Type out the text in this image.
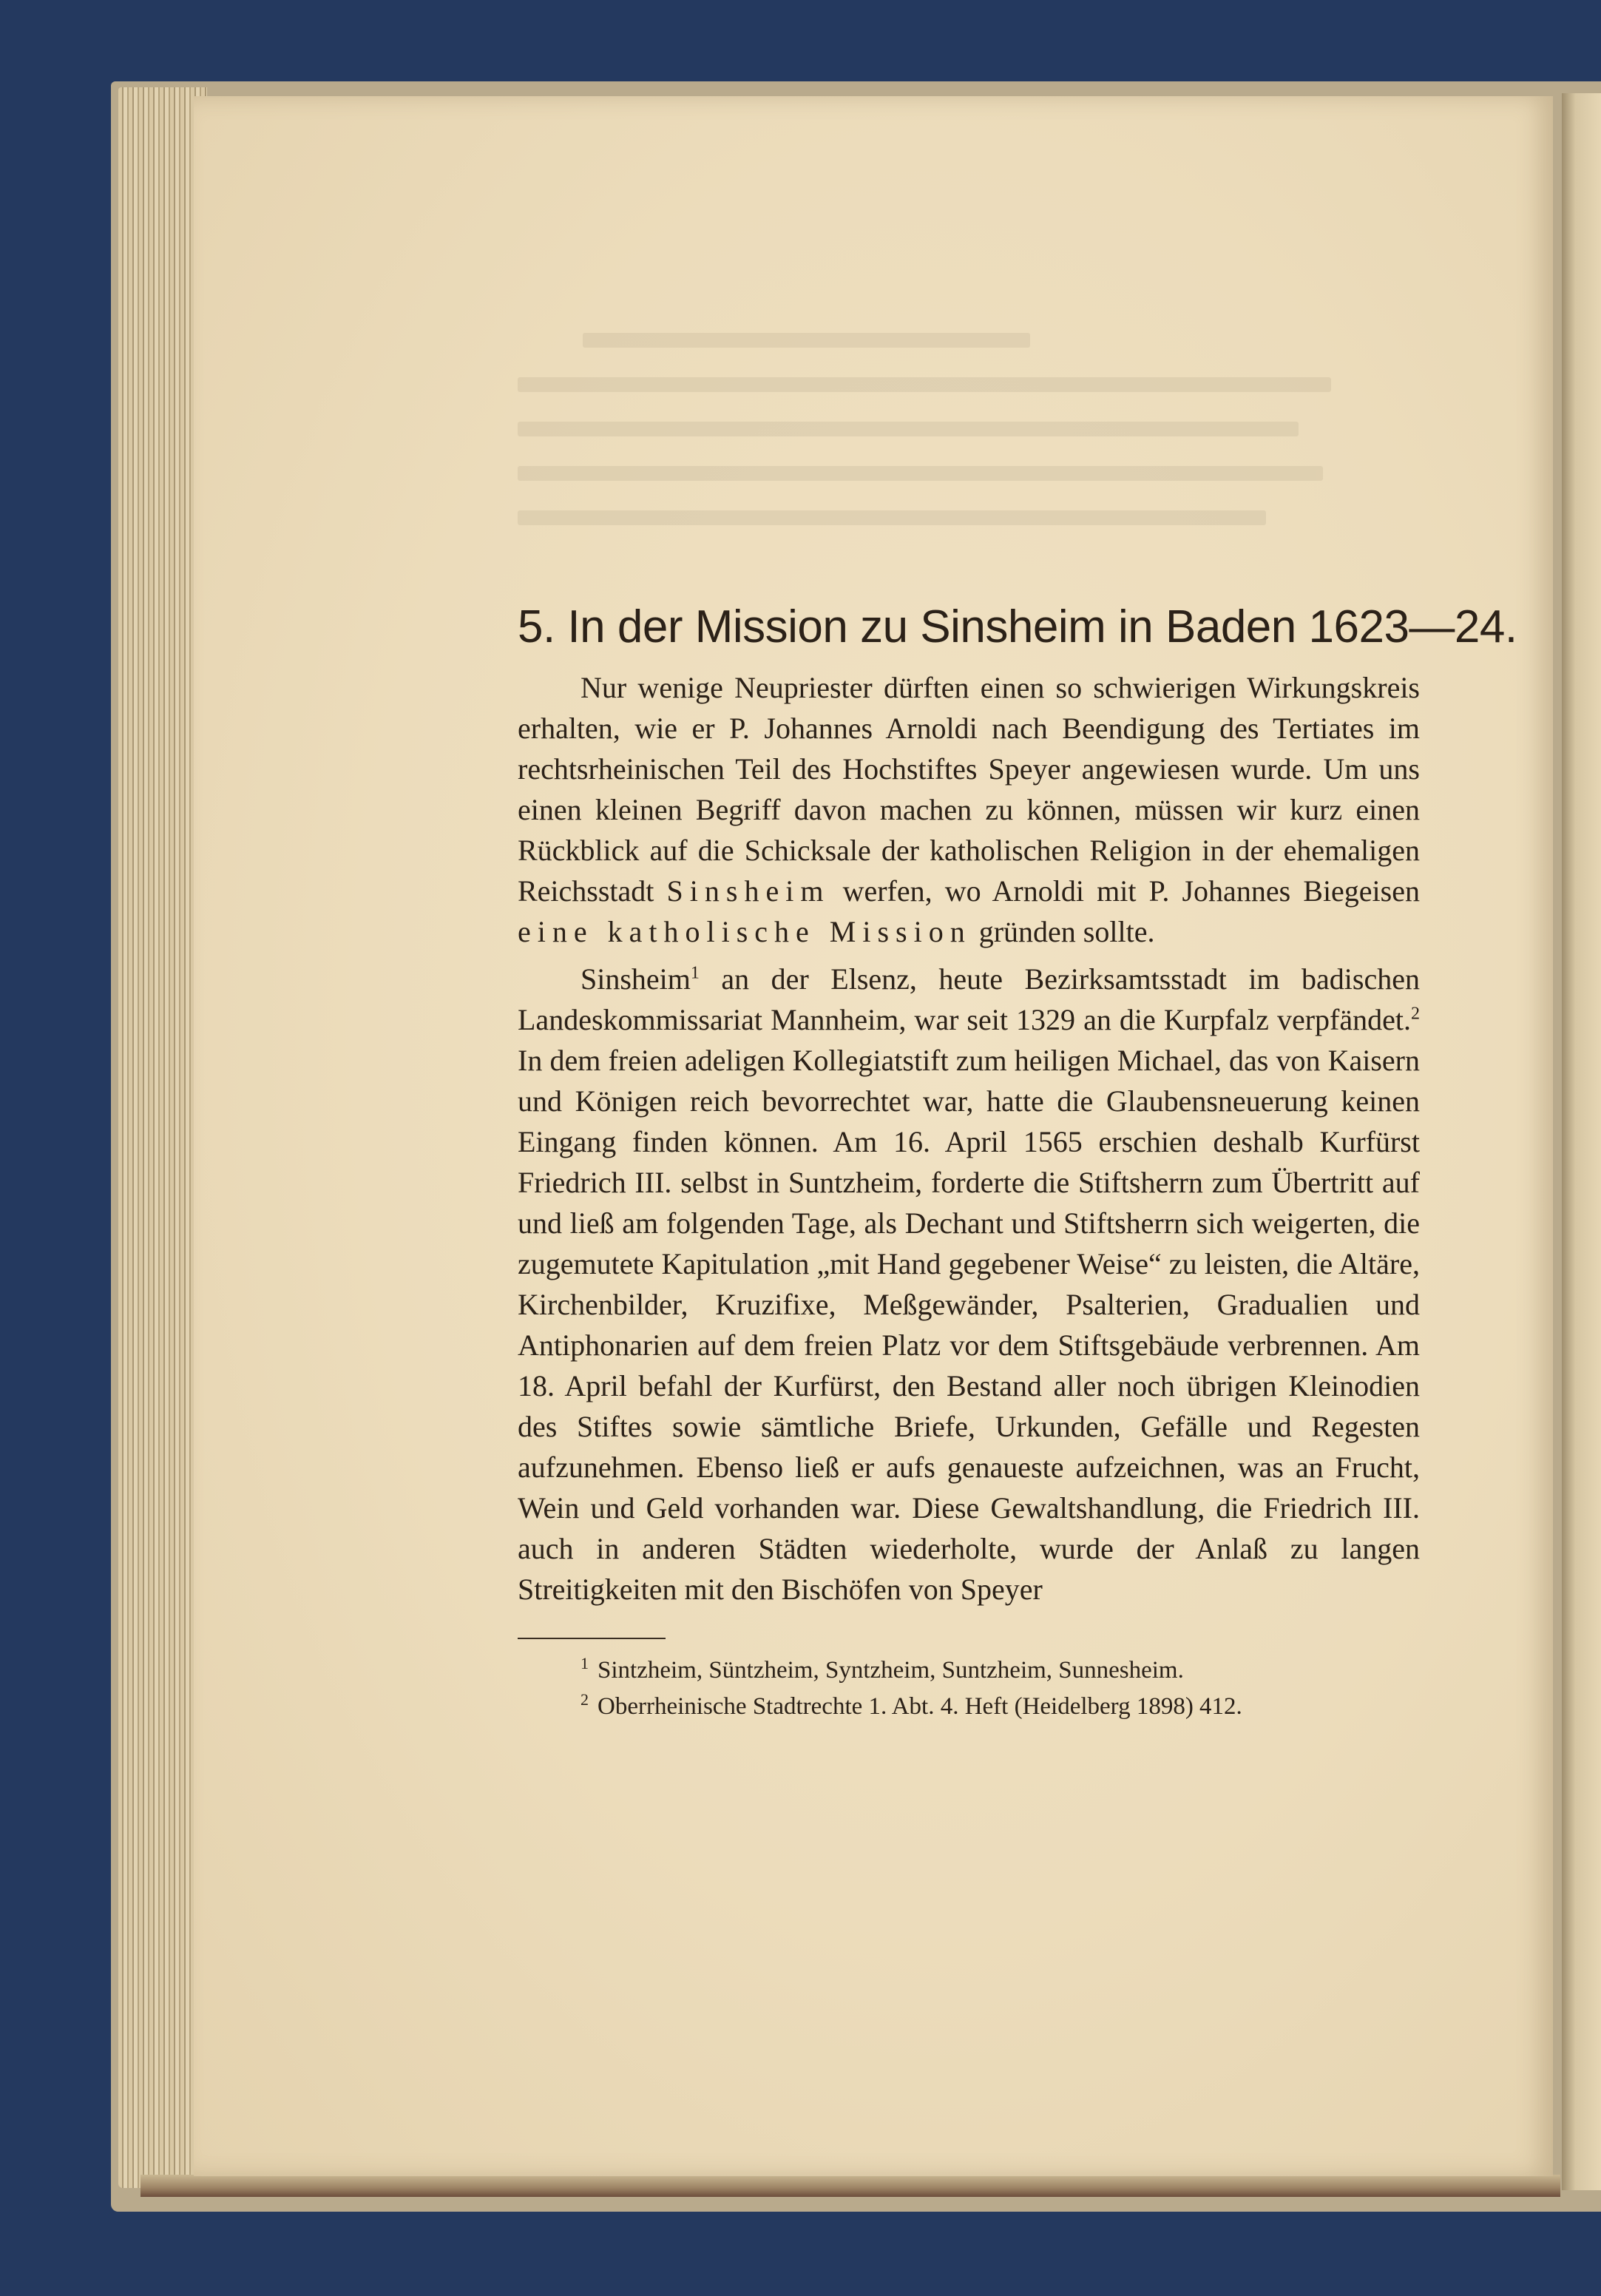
5. In der Mission zu Sinsheim in Baden 1623—24.

Nur wenige Neupriester dürften einen so schwierigen Wirkungskreis erhalten, wie er P. Johannes Arnoldi nach Beendigung des Tertiates im rechtsrheinischen Teil des Hochstiftes Speyer angewiesen wurde. Um uns einen kleinen Begriff davon machen zu können, müssen wir kurz einen Rückblick auf die Schicksale der katholischen Religion in der ehemaligen Reichsstadt Sinsheim werfen, wo Arnoldi mit P. Johannes Biegeisen eine katholische Mission gründen sollte.

Sinsheim$^1$ an der Elsenz, heute Bezirksamtsstadt im badischen Landeskommissariat Mannheim, war seit 1329 an die Kurpfalz verpfändet.$^2$ In dem freien adeligen Kollegiatstift zum heiligen Michael, das von Kaisern und Königen reich bevorrechtet war, hatte die Glaubensneuerung keinen Eingang finden können. Am 16. April 1565 erschien deshalb Kurfürst Friedrich III. selbst in Suntzheim, forderte die Stiftsherrn zum Übertritt auf und ließ am folgenden Tage, als Dechant und Stiftsherrn sich weigerten, die zugemutete Kapitulation „mit Hand gegebener Weise“ zu leisten, die Altäre, Kirchenbilder, Kruzifixe, Meßgewänder, Psalterien, Gradualien und Antiphonarien auf dem freien Platz vor dem Stiftsgebäude verbrennen. Am 18. April befahl der Kurfürst, den Bestand aller noch übrigen Kleinodien des Stiftes sowie sämtliche Briefe, Urkunden, Gefälle und Regesten aufzunehmen. Ebenso ließ er aufs genaueste aufzeichnen, was an Frucht, Wein und Geld vorhanden war. Diese Gewaltshandlung, die Friedrich III. auch in anderen Städten wiederholte, wurde der Anlaß zu langen Streitigkeiten mit den Bischöfen von Speyer

$^1$ Sintzheim, Süntzheim, Syntzheim, Suntzheim, Sunnesheim.

$^2$ Oberrheinische Stadtrechte 1. Abt. 4. Heft (Heidelberg 1898) 412.
